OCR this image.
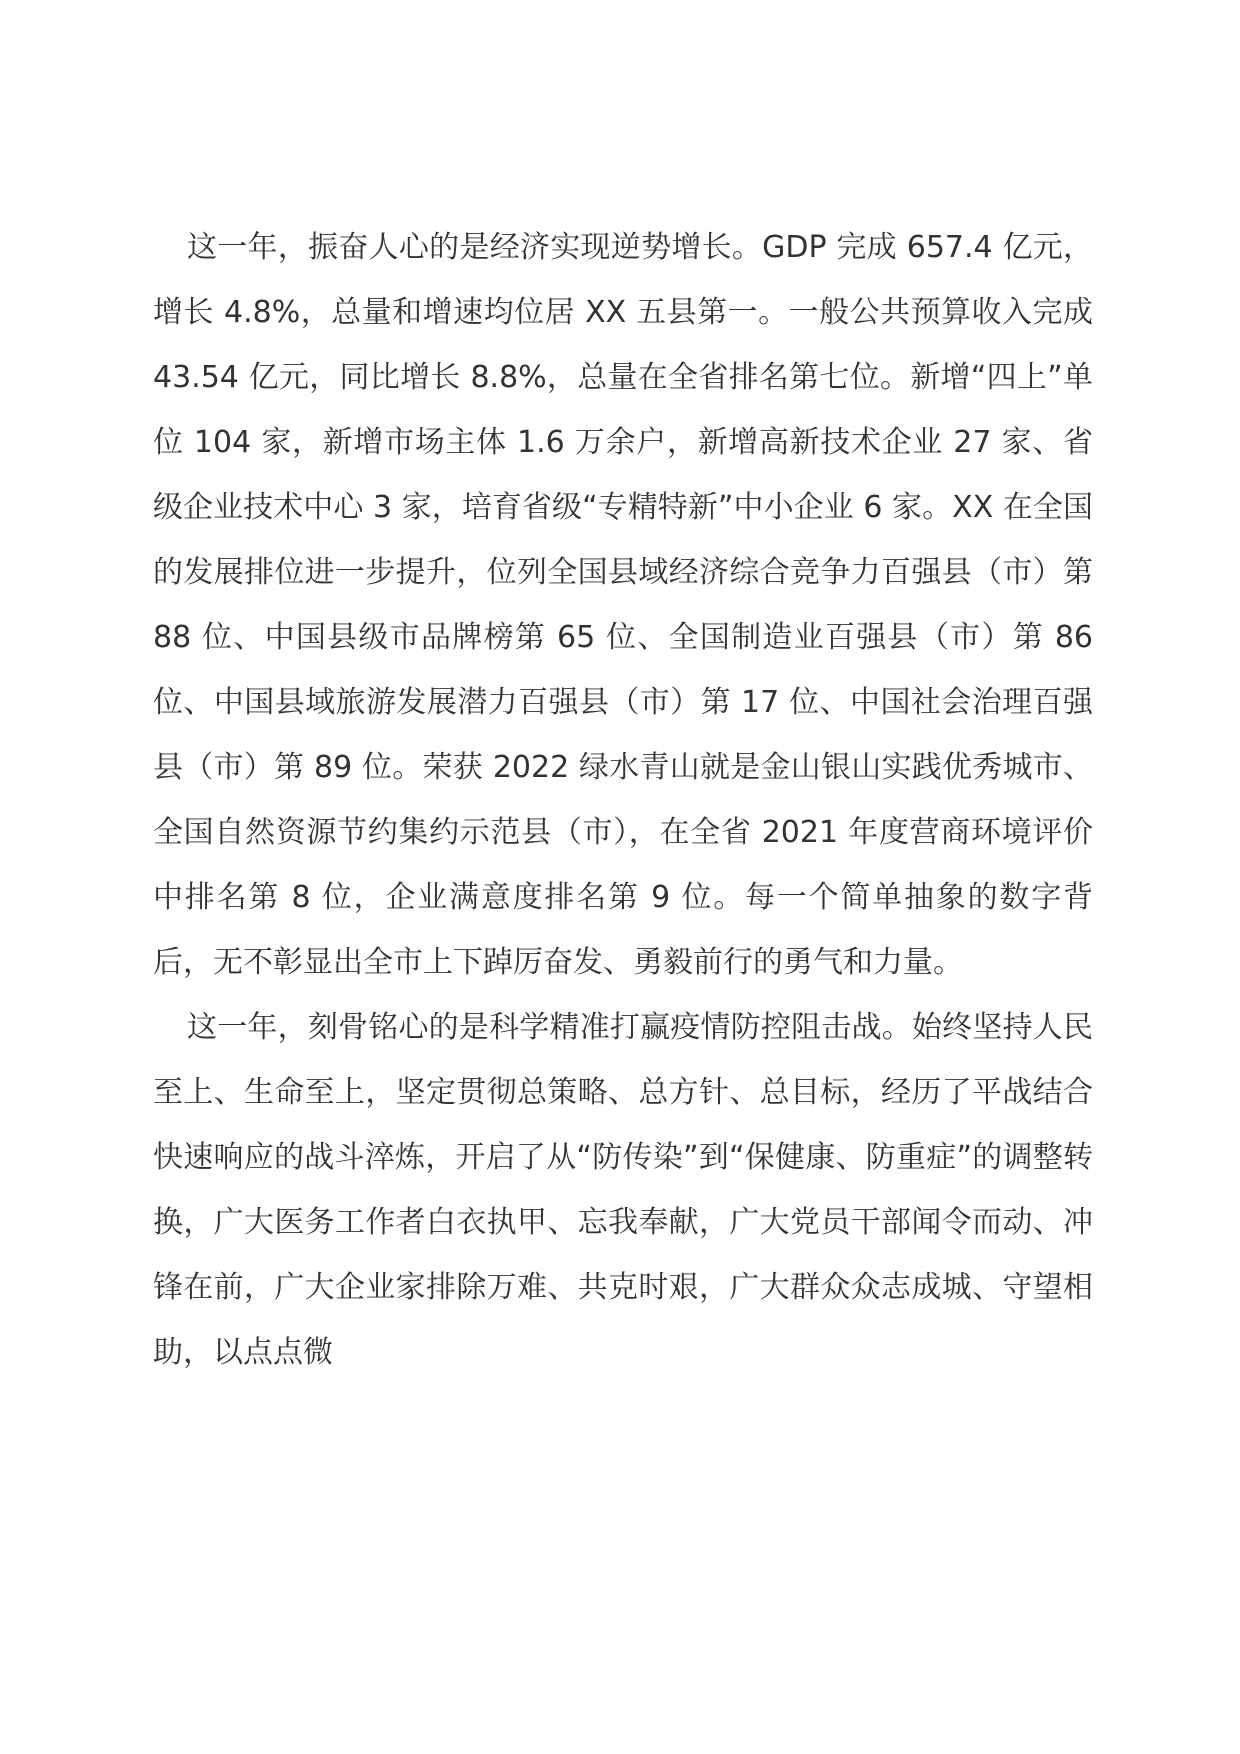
这一年，振奋人心的是经济实现逆势增长。GDP 完成 657.4 亿元，增长 4.8%，总量和增速均位居 XX 五县第一。一般公共预算收入完成 43.54 亿元，同比增长 8.8%，总量在全省排名第七位。新增“四上”单位 104 家，新增市场主体 1.6 万余户，新增高新技术企业 27 家、省级企业技术中心 3 家，培育省级“专精特新”中小企业 6 家。XX 在全国的发展排位进一步提升，位列全国县域经济综合竞争力百强县（市）第 88 位、中国县级市品牌榜第 65 位、全国制造业百强县（市）第 86 位、中国县域旅游发展潜力百强县（市）第 17 位、中国社会治理百强县（市）第 89 位。荣获 2022 绿水青山就是金山银山实践优秀城市、全国自然资源节约集约示范县（市），在全省 2021 年度营商环境评价中排名第 8 位，企业满意度排名第 9 位。每一个简单抽象的数字背后，无不彰显出全市上下踔厉奋发、勇毅前行的勇气和力量。

这一年，刻骨铭心的是科学精准打赢疫情防控阻击战。始终坚持人民至上、生命至上，坚定贯彻总策略、总方针、总目标，经历了平战结合快速响应的战斗淬炼，开启了从“防传染”到“保健康、防重症”的调整转换，广大医务工作者白衣执甲、忘我奉献，广大党员干部闻令而动、冲锋在前，广大企业家排除万难、共克时艰，广大群众众志成城、守望相助，以点点微
